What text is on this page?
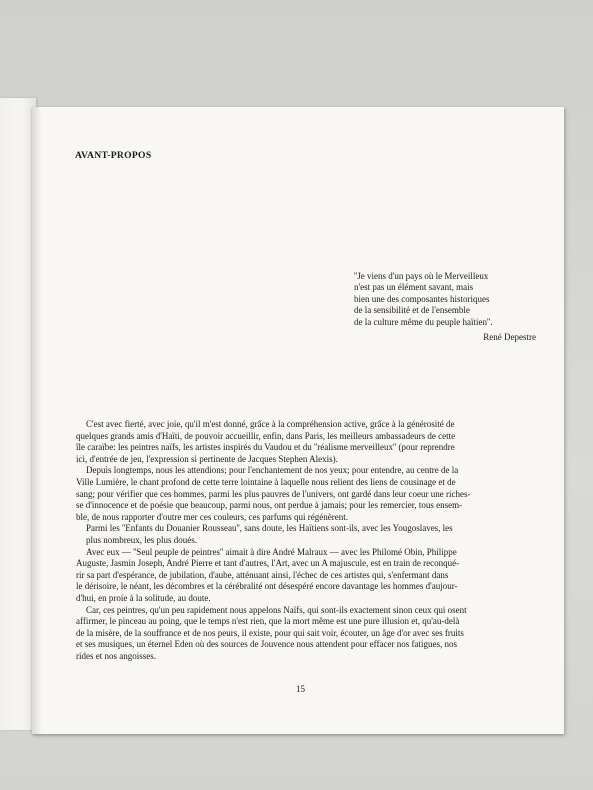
AVANT-PROPOS
''Je viens d'un pays où le Merveilleux
n'est pas un élément savant, mais
bien une des composantes historiques
de la sensibilité et de l'ensemble
de la culture même du peuple haïtien''.
René Depestre
C'est avec fierté, avec joie, qu'il m'est donné, grâce à la compréhension active, grâce à la générosité de
quelques grands amis d'Haïti, de pouvoir accueillir, enfin, dans Paris, les meilleurs ambassadeurs de cette
île caraïbe: les peintres naïfs, les artistes inspirés du Vaudou et du ''réalisme merveilleux'' (pour reprendre
ici, d'entrée de jeu, l'expression si pertinente de Jacques Stephen Alexis).
Depuis longtemps, nous les attendions; pour l'enchantement de nos yeux; pour entendre, au centre de la
Ville Lumière, le chant profond de cette terre lointaine à laquelle nous relient des liens de cousinage et de
sang; pour vérifier que ces hommes, parmi les plus pauvres de l'univers, ont gardé dans leur coeur une riches-
se d'innocence et de poésie que beaucoup, parmi nous, ont perdue à jamais; pour les remercier, tous ensem-
ble, de nous rapporter d'outre mer ces couleurs, ces parfums qui régénèrent.
Parmi les ''Enfants du Douanier Rousseau'', sans doute, les Haïtiens sont-ils, avec les Yougoslaves, les
plus nombreux, les plus doués.
Avec eux — ''Seul peuple de peintres'' aimait à dire André Malraux — avec les Philomé Obin, Philippe
Auguste, Jasmin Joseph, André Pierre et tant d'autres, l'Art, avec un A majuscule, est en train de reconqué-
rir sa part d'espérance, de jubilation, d'aube, atténuant ainsi, l'échec de ces artistes qui, s'enfermant dans
le dérisoire, le néant, les décombres et la cérébralité ont désespéré encore davantage les hommes d'aujour-
d'hui, en proie à la solitude, au doute.
Car, ces peintres, qu'un peu rapidement nous appelons Naïfs, qui sont-ils exactement sinon ceux qui osent
affirmer, le pinceau au poing, que le temps n'est rien, que la mort même est une pure illusion et, qu'au-delà
de la misère, de la souffrance et de nos peurs, il existe, pour qui sait voir, écouter, un âge d'or avec ses fruits
et ses musiques, un éternel Eden où des sources de Jouvence nous attendent pour effacer nos fatigues, nos
rides et nos angoisses.
15
